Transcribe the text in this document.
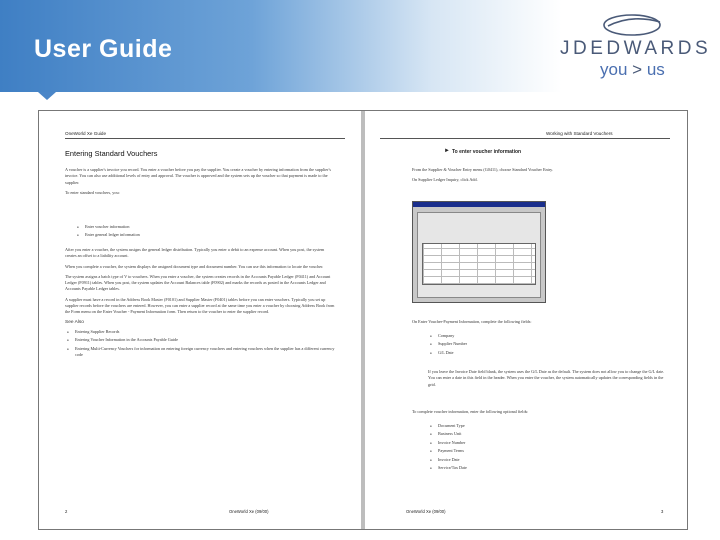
User Guide	JDEDWARDS
you > us
OneWorld Xe Guide
Entering Standard Vouchers

A voucher is a supplier's invoice you record. You enter a voucher before you pay the supplier. You create a voucher by entering information from the supplier's invoice. You can also use additional levels of entry and approval. The voucher is approved and the system sets up the voucher so that payment is made to the supplier.

To enter standard vouchers, you:

● Enter voucher information
● Enter general ledger information

After you enter a voucher, the system assigns the general ledger distribution. Typically you enter a debit to an expense account. When you post, the system creates an offset to a liability account.

When you complete a voucher, the system displays the assigned document type and document number. You can use this information to locate the voucher.

The system assigns a batch type of V to vouchers. When you enter a voucher, the system creates records in the Accounts Payable Ledger (F0411) and Account Ledger (F0911) tables. When you post, the system updates the Account Balances table (F0902) and marks the records as posted in the Accounts Ledger and Accounts Payable Ledger tables.

A supplier must have a record in the Address Book Master (F0101) and Supplier Master (F0401) tables before you can enter vouchers. Typically you set up supplier records before the vouchers are entered. However, you can enter a supplier record at the same time you enter a voucher by choosing Address Book from the Form menu on the Enter Voucher - Payment Information form. Then return to the voucher to enter the supplier record.

See Also
● Entering Supplier Records
● Entering Voucher Information in the Accounts Payable Guide
● Entering Multi-Currency Vouchers for information on entering foreign currency vouchers and entering vouchers when the supplier has a different currency code
2	OneWorld Xe (09/00)
Working with Standard Vouchers
► To enter voucher information

From the Supplier & Voucher Entry menu (G0411), choose Standard Voucher Entry.

On Supplier Ledger Inquiry, click Add.

On Enter Voucher-Payment Information, complete the following fields:
● Company
● Supplier Number
● G/L Date
If you leave the Invoice Date field blank, the system uses the G/L Date as the default. The system does not allow you to change the G/L date. You can enter a date in this field in the header. When you enter the voucher, the system automatically updates the corresponding fields in the grid.
To complete voucher information, enter the following optional fields:
● Document Type
● Business Unit
● Invoice Number
● Payment Terms
● Invoice Date
● Service/Tax Date
OneWorld Xe (09/00)	3
